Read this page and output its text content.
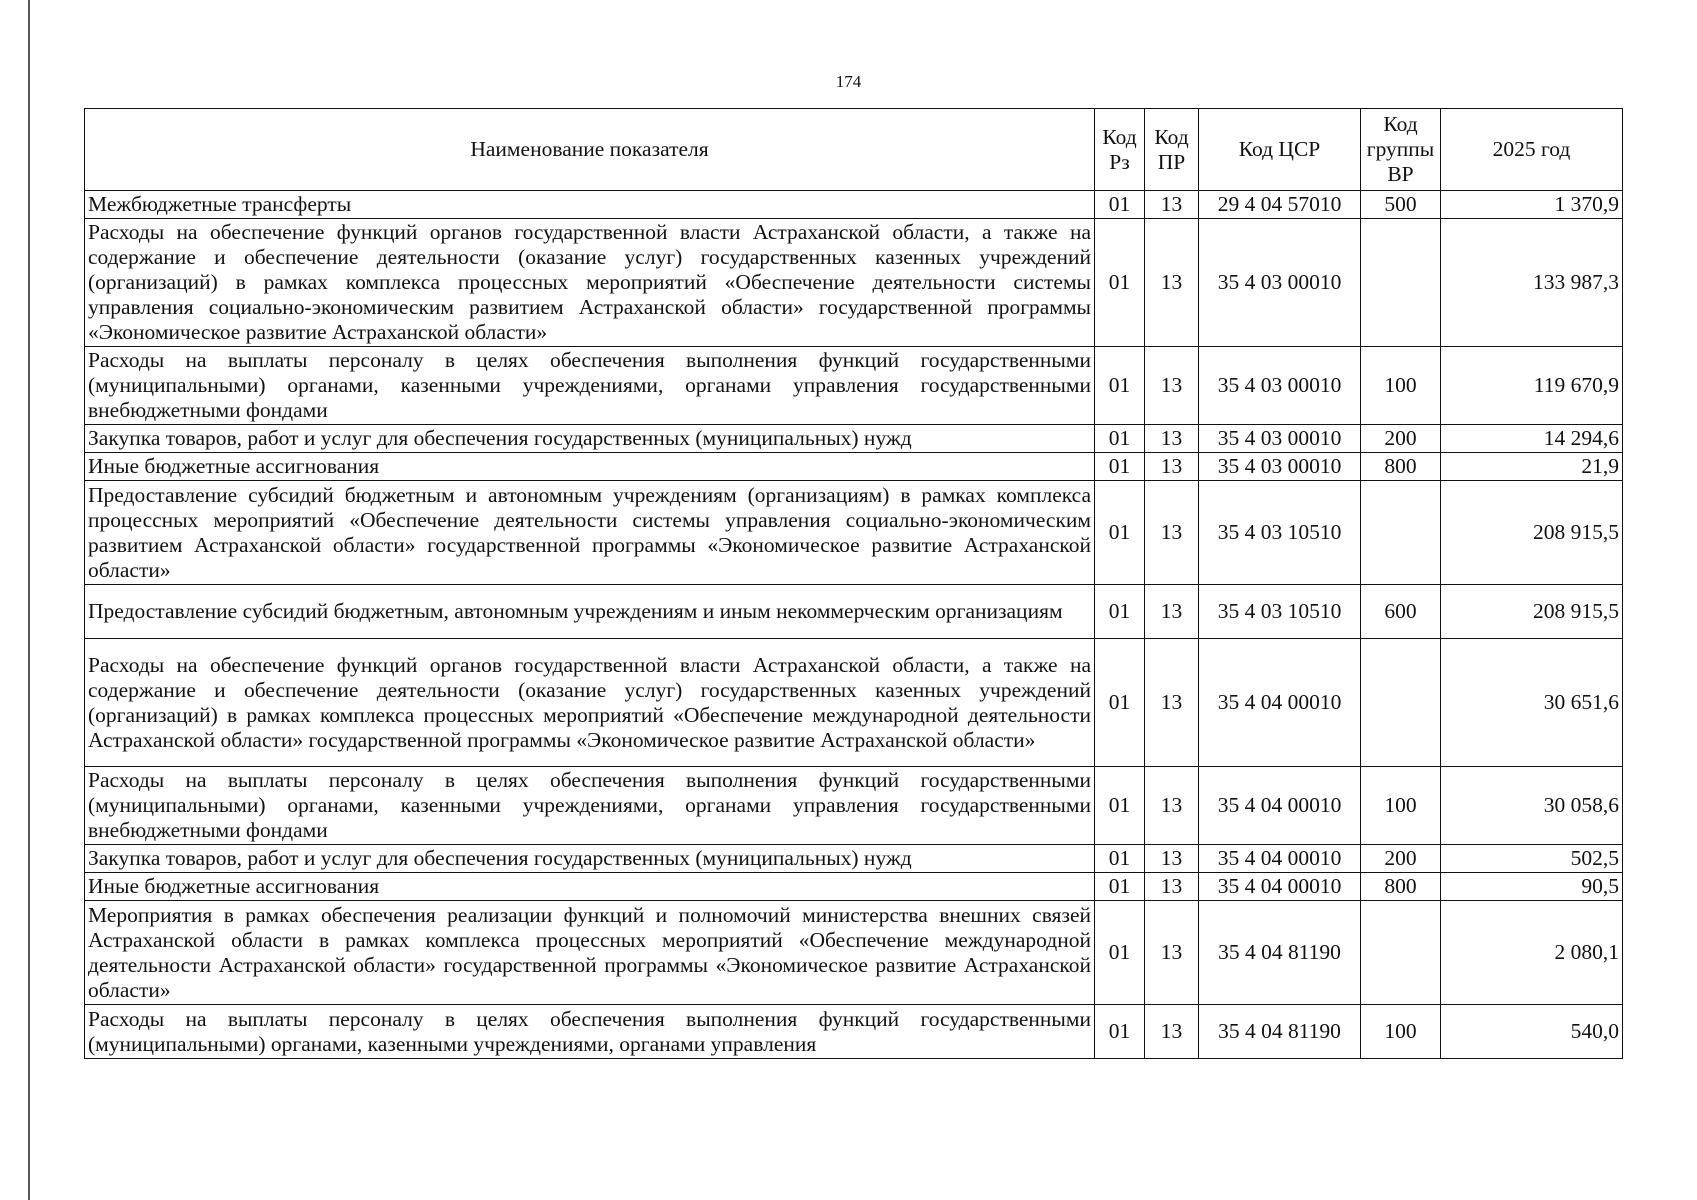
174
Наименование показателя	Код Рз	Код ПР	Код ЦСР	Код группы ВР	2025 год
Межбюджетные трансферты	01	13	29 4 04 57010	500	1 370,9
Расходы на обеспечение функций органов государственной власти Астраханской области, а также на содержание и обеспечение деятельности (оказание услуг) государственных казенных учреждений (организаций) в рамках комплекса процессных мероприятий «Обеспечение деятельности системы управления социально-экономическим развитием Астраханской области» государственной программы «Экономическое развитие Астраханской области»	01	13	35 4 03 00010		133 987,3
Расходы на выплаты персоналу в целях обеспечения выполнения функций государственными (муниципальными) органами, казенными учреждениями, органами управления государственными внебюджетными фондами	01	13	35 4 03 00010	100	119 670,9
Закупка товаров, работ и услуг для обеспечения государственных (муниципальных) нужд	01	13	35 4 03 00010	200	14 294,6
Иные бюджетные ассигнования	01	13	35 4 03 00010	800	21,9
Предоставление субсидий бюджетным и автономным учреждениям (организациям) в рамках комплекса процессных мероприятий «Обеспечение деятельности системы управления социально-экономическим развитием Астраханской области» государственной программы «Экономическое развитие Астраханской области»	01	13	35 4 03 10510		208 915,5
Предоставление субсидий бюджетным, автономным учреждениям и иным некоммерческим организациям	01	13	35 4 03 10510	600	208 915,5
Расходы на обеспечение функций органов государственной власти Астраханской области, а также на содержание и обеспечение деятельности (оказание услуг) государственных казенных учреждений (организаций) в рамках комплекса процессных мероприятий «Обеспечение международной деятельности Астраханской области» государственной программы «Экономическое развитие Астраханской области»	01	13	35 4 04 00010		30 651,6
Расходы на выплаты персоналу в целях обеспечения выполнения функций государственными (муниципальными) органами, казенными учреждениями, органами управления государственными внебюджетными фондами	01	13	35 4 04 00010	100	30 058,6
Закупка товаров, работ и услуг для обеспечения государственных (муниципальных) нужд	01	13	35 4 04 00010	200	502,5
Иные бюджетные ассигнования	01	13	35 4 04 00010	800	90,5
Мероприятия в рамках обеспечения реализации функций и полномочий министерства внешних связей Астраханской области в рамках комплекса процессных мероприятий «Обеспечение международной деятельности Астраханской области» государственной программы «Экономическое развитие Астраханской области»	01	13	35 4 04 81190		2 080,1
Расходы на выплаты персоналу в целях обеспечения выполнения функций государственными (муниципальными) органами, казенными учреждениями, органами управления	01	13	35 4 04 81190	100	540,0
